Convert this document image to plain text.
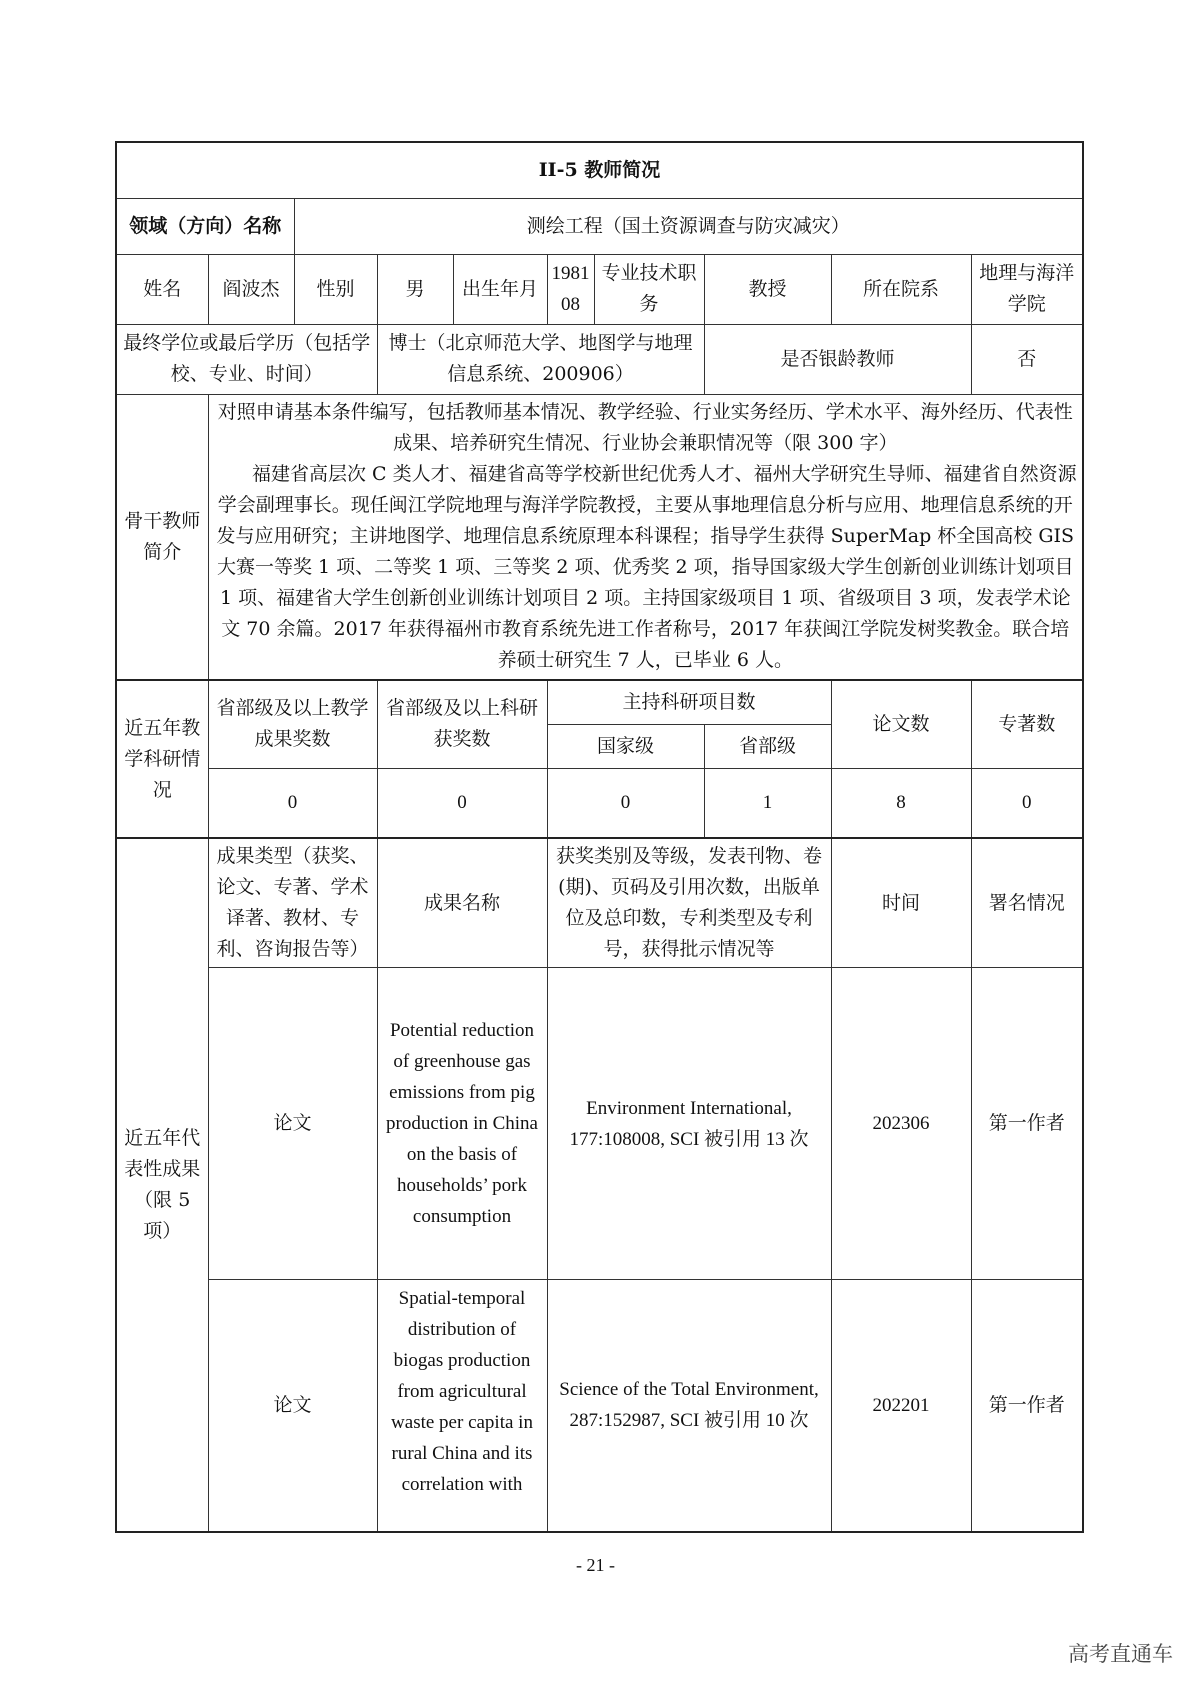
II-5 教师简况									
领域（方向）名称		测绘工程（国土资源调查与防灾减灾）							
姓名	阎波杰	性别	男	出生年月	198108	专业技术职　务	教授	所在院系	地理与海洋学院
最终学位或最后学历（包括学校、专业、时间）			博士（北京师范大学、地图学与地理信息系统、200906）				是否银龄教师		否
骨干教师简介	对照申请基本条件编写，包括教师基本情况、教学经验、行业实务经历、学术水平、海外经历、代表性成果、培养研究生情况、行业协会兼职情况等（限 300 字）

福建省高层次 C 类人才、福建省高等学校新世纪优秀人才、福州大学研究生导师、福建省自然资源学会副理事长。现任闽江学院地理与海洋学院教授，主要从事地理信息分析与应用、地理信息系统的开发与应用研究；主讲地图学、地理信息系统原理本科课程；指导学生获得 SuperMap 杯全国高校 GIS 大赛一等奖 1 项、二等奖 1 项、三等奖 2 项、优秀奖 2 项，指导国家级大学生创新创业训练计划项目 1 项、福建省大学生创新创业训练计划项目 2 项。主持国家级项目 1 项、省级项目 3 项，发表学术论文 70 余篇。2017 年获得福州市教育系统先进工作者称号，2017 年获闽江学院发树奖教金。联合培养硕士研究生 7 人，已毕业 6 人。								

近五年教学科研情况	省部级及以上教学成果奖数		省部级及以上科研获奖数		主持科研项目数			论文数	专著数
					国家级		省部级		
	0		0		0		1	8	0
近五年代表性成果（限 5 项）	成果类型（获奖、论文、专著、学术译著、教材、专利、咨询报告等）		成果名称		获奖类别及等级，发表刊物、卷(期)、页码及引用次数，出版单位及总印数，专利类型及专利号，获得批示情况等			时间	署名情况
	论文		Potential reduction of greenhouse gas emissions from pig production in China on the basis of households’ pork consumption		Environment International, 177:108008, SCI 被引用 13 次			202306	第一作者
	论文		Spatial-temporal distribution of biogas production from agricultural waste per capita in rural China and its correlation with		Science of the Total Environment, 287:152987, SCI 被引用 10 次			202201	第一作者
- 21 -
高考直通车
